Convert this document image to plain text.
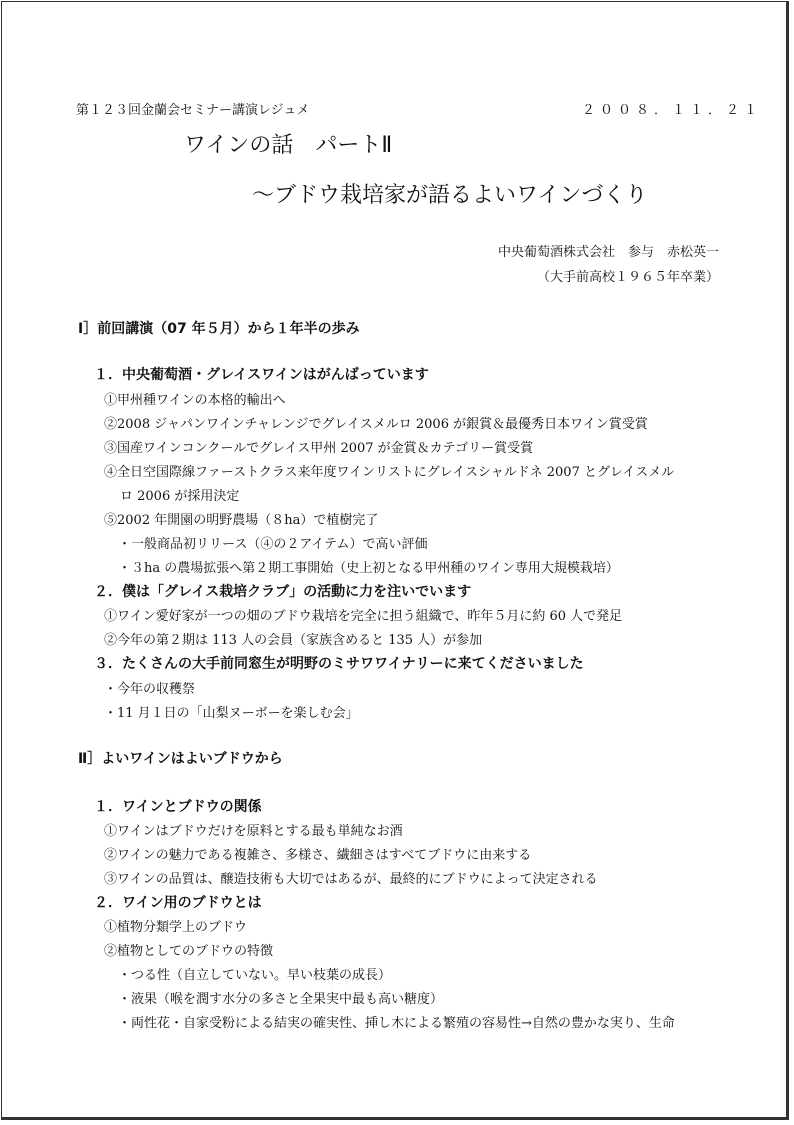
第１２３回金蘭会セミナー講演レジュメ	２００８．１１．２１
ワインの話　パートⅡ
～ブドウ栽培家が語るよいワインづくり
中央葡萄酒株式会社　参与　赤松英一
（大手前高校１９６５年卒業）
Ⅰ］前回講演（07 年５月）から１年半の歩み
１．中央葡萄酒・グレイスワインはがんばっています
①甲州種ワインの本格的輸出へ
②2008 ジャパンワインチャレンジでグレイスメルロ 2006 が銀賞＆最優秀日本ワイン賞受賞
③国産ワインコンクールでグレイス甲州 2007 が金賞＆カテゴリー賞受賞
④全日空国際線ファーストクラス来年度ワインリストにグレイスシャルドネ 2007 とグレイスメル
ロ 2006 が採用決定
⑤2002 年開園の明野農場（８ha）で植樹完了
・一般商品初リリース（④の２アイテム）で高い評価
・３ha の農場拡張へ第２期工事開始（史上初となる甲州種のワイン専用大規模栽培）
２．僕は「グレイス栽培クラブ」の活動に力を注いでいます
①ワイン愛好家が一つの畑のブドウ栽培を完全に担う組織で、昨年５月に約 60 人で発足
②今年の第２期は 113 人の会員（家族含めると 135 人）が参加
３．たくさんの大手前同窓生が明野のミサワワイナリーに来てくださいました
・今年の収穫祭
・11 月１日の「山梨ヌーボーを楽しむ会」
Ⅱ］よいワインはよいブドウから
１．ワインとブドウの関係
①ワインはブドウだけを原料とする最も単純なお酒
②ワインの魅力である複雑さ、多様さ、繊細さはすべてブドウに由来する
③ワインの品質は、醸造技術も大切ではあるが、最終的にブドウによって決定される
２．ワイン用のブドウとは
①植物分類学上のブドウ
②植物としてのブドウの特徴
・つる性（自立していない。早い枝葉の成長）
・液果（喉を潤す水分の多さと全果実中最も高い糖度）
・両性花・自家受粉による結実の確実性、挿し木による繁殖の容易性→自然の豊かな実り、生命
